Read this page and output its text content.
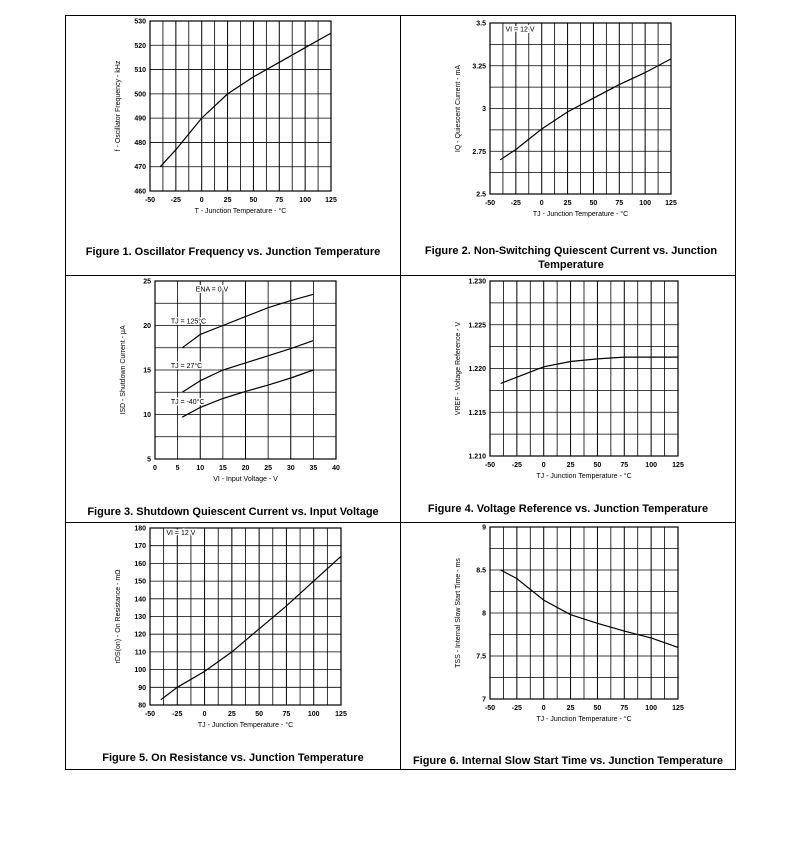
-50 -25	0	25	50	75 100 125
460
470
480
490
500
510
520
530
T - Junction Temperature - °C
f - Oscillator Frequency - kHz
Figure 1. Oscillator Frequency vs. Junction Temperature
-50 -25	0	25	50	75 100 125
2.5
2.75
3
3.25
3.5
TJ - Junction Temperature - °C
IQ - Quiescent Current - mA
VI = 12 V
Figure 2. Non-Switching Quiescent Current vs. Junction Temperature
0	5 10 15 20 25 30 35 40
5
10
15
20
25
VI - Input Voltage - V
ISD - Shutdown Current - µA
ENA = 0 V
TJ = 125°C
TJ = 27°C
TJ = -40°C
Figure 3. Shutdown Quiescent Current vs. Input Voltage
-50 -25	0	25	50	75 100 125
1.210
1.215
1.220
1.225
1.230
TJ - Junction Temperature - °C
VREF - Voltage Reference - V
Figure 4. Voltage Reference vs. Junction Temperature
-50 -25	0	25	50	75	100 125
80
90
100
110
120
130
140
150
160
170
180
TJ - Junction Temperature - °C
rDS(on) - On Resistance - mΩ
VI = 12 V
Figure 5. On Resistance vs. Junction Temperature
-50 -25	0	25	50	75 100 125
7
7.5
8
8.5
9
TJ - Junction Temperature - °C
TSS - Internal Slow Start Time - ms
Figure 6. Internal Slow Start Time vs. Junction Temperature
